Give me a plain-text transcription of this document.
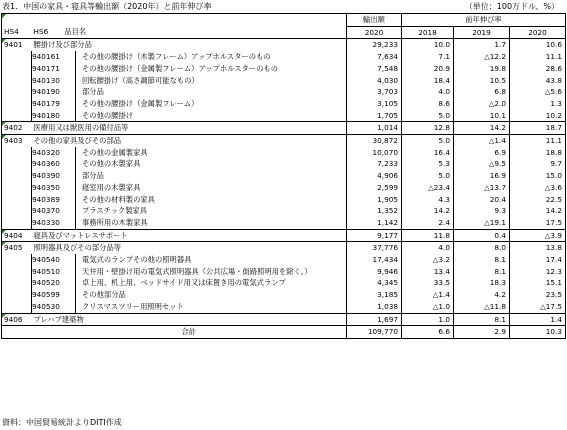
表1．中国の家具・寝具等輸出額（2020年）と前年伸び率	（単位：100万ドル、%）
		輸出額	前年伸び率		
HS4	HS6 品目名	2020	2018	2019	2020

9401	腰掛け及び部分品	29,233	10.0	1.7	10.6

940161 その他の腰掛け（木製フレーム）アップホルスターのもの	7,634	7.1	△12.2	11.1

940171 その他の腰掛け（金属製フレーム）アップホルスターのもの	7,548	20.9	19.8	28.6

940130 回転腰掛け（高さ調節可能なもの）	4,030	18.4	10.5	43.8

940190 部分品	3,703	4.0	6.8	△5.6

940179 その他の腰掛け（金属製フレーム）	3,105	8.6	△2.0	1.3

940180 その他の腰掛け	1,705	5.0	10.1	10.2

9402	医療用又は獣医用の備付品等	1,014	12.8	14.2	18.7

9403	その他の家具及びその部品	30,872	5.0	△1.4	11.1

940320 その他の金属製家具	10,070	16.4	6.9	18.8

940360 その他の木製家具	7,233	5.3	△9.5	9.7

940390 部分品	4,906	5.0	16.9	15.0

940350 寝室用の木製家具	2,599	△23.4	△13.7	△3.6

940389 その他の材料製の家具	1,905	4.3	20.4	22.5

940370 プラスチック製家具	1,352	14.2	9.3	14.2

940330 事務所用の木製家具	1,142	2.4	△19.1	17.5

9404	寝具及びマットレスサポート	9,177	11.8	0.4	△3.9

9405	照明器具及びその部分品等	37,776	4.0	8.0	13.8

940540 電気式のランプその他の照明器具	17,434	△3.2	8.1	17.4

940510 天井用・壁掛け用の電気式照明器具（公共広場・街路照明用を除く。）	9,946	13.4	8.1	12.3

940520 卓上用、机上用、ベッドサイド用又は床置き用の電気式ランプ	4,345	33.5	18.3	15.1

940599 その他部分品	3,185	△1.4	4.2	23.5

940530 クリスマスツリー用照明セット	1,038	△1.0	△11.8	△17.5

9406	プレハブ建築物	1,697	1.0	8.1	1.4
	合計	109,770	6.6	2.9	10.3
資料：中国貿易統計よりDITI作成
